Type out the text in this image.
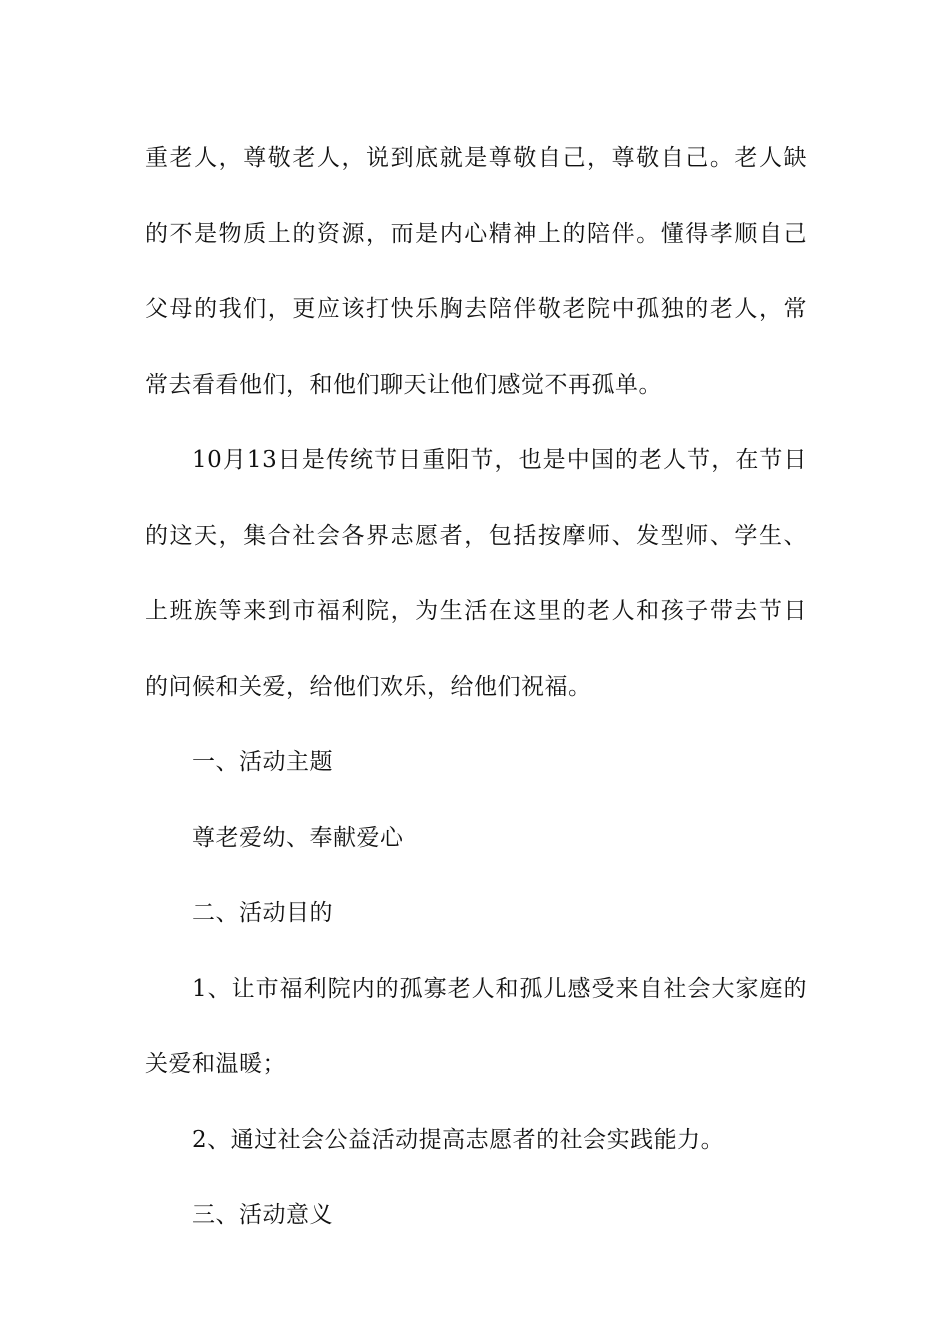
重老人，尊敬老人，说到底就是尊敬自己，尊敬自己。老人缺
的不是物质上的资源，而是内心精神上的陪伴。懂得孝顺自己
父母的我们，更应该打快乐胸去陪伴敬老院中孤独的老人，常
常去看看他们，和他们聊天让他们感觉不再孤单。
10月13日是传统节日重阳节，也是中国的老人节，在节日
的这天，集合社会各界志愿者，包括按摩师、发型师、学生、
上班族等来到市福利院，为生活在这里的老人和孩子带去节日
的问候和关爱，给他们欢乐，给他们祝福。
一、活动主题
尊老爱幼、奉献爱心
二、活动目的
1、让市福利院内的孤寡老人和孤儿感受来自社会大家庭的
关爱和温暖；
2、通过社会公益活动提高志愿者的社会实践能力。
三、活动意义
